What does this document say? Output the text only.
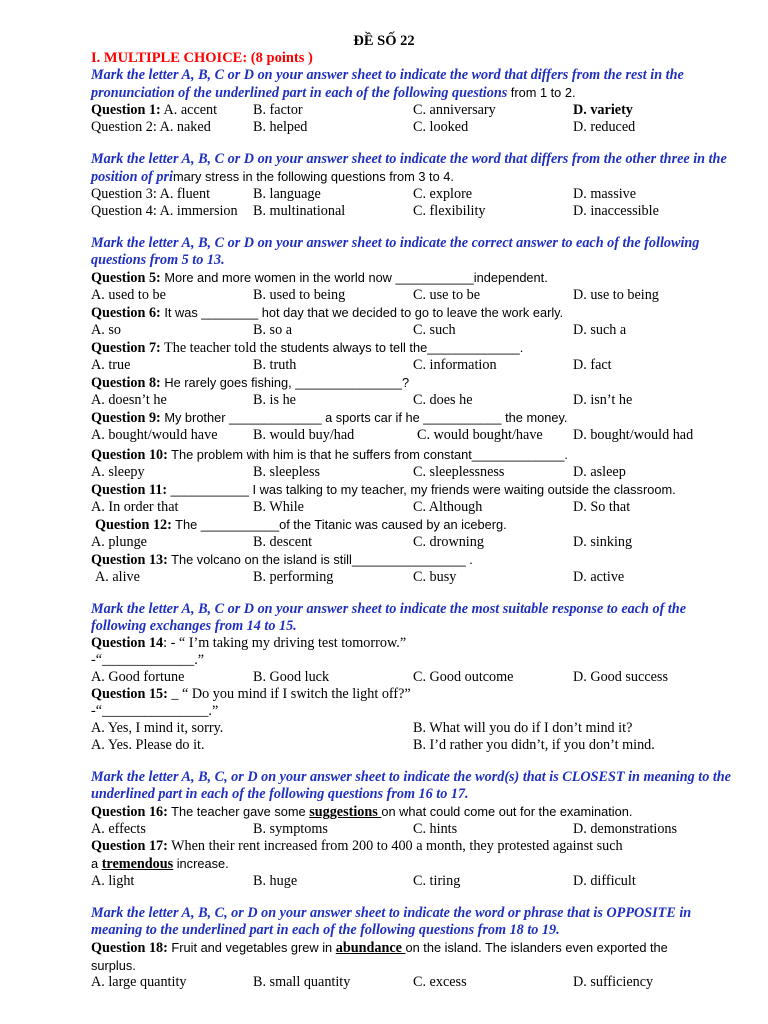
ĐỀ SỐ 22
I. MULTIPLE CHOICE: (8 points )
Mark the letter A, B, C or D on your answer sheet to indicate the word that differs from the rest in the pronunciation of the underlined part in each of the following questions from 1 to 2.
Question 1: A. accent	B. factor	C. anniversary	D. variety
Question 2: A. naked	B. helped	C. looked	D. reduced
Mark the letter A, B, C or D on your answer sheet to indicate the word that differs from the other three in the position of primary stress in the following questions from 3 to 4.
Question 3: A. fluent	B. language	C. explore	D. massive
Question 4: A. immersion B. multinational	C. flexibility	D. inaccessible
Mark the letter A, B, C or D on your answer sheet to indicate the correct answer to each of the following questions from 5 to 13.
Question 5: More and more women in the world now ___________independent.
A. used to be	B. used to being	C. use to be	D. use to being
Question 6: It was ________ hot day that we decided to go to leave the work early.
A. so	B. so a	C. such	D. such a
Question 7: The teacher told the students always to tell the_____________.
A. true	B. truth	C. information	D. fact
Question 8: He rarely goes fishing, _______________?
A. doesn’t he	B. is he	C. does he	D. isn’t he
Question 9: My brother _____________ a sports car if he ___________ the money.
A. bought/would have	B. would buy/had	C. would bought/have D. bought/would had
Question 10: The problem with him is that he suffers from constant_____________.
A. sleepy	B. sleepless	C. sleeplessness	D. asleep
Question 11: ___________ I was talking to my teacher, my friends were waiting outside the classroom.
A. In order that	B. While	C. Although	D. So that
Question 12: The ___________of the Titanic was caused by an iceberg.
A. plunge	B. descent	C. drowning	D. sinking
Question 13: The volcano on the island is still________________ .
A. alive	B. performing	C. busy	D. active
Mark the letter A, B, C or D on your answer sheet to indicate the most suitable response to each of the following exchanges from 14 to 15.
Question 14: - “ I’m taking my driving test tomorrow.”
-“_____________.”
A. Good fortune	B. Good luck	C. Good outcome	D. Good success
Question 15: _ “ Do you mind if I switch the light off?”
-“_______________.”
A. Yes, I mind it, sorry.	B. What will you do if I don’t mind it?
A. Yes. Please do it.	B. I’d rather you didn’t, if you don’t mind.
Mark the letter A, B, C, or D on your answer sheet to indicate the word(s) that is CLOSEST in meaning to the underlined part in each of the following questions from 16 to 17.
Question 16: The teacher gave some suggestions on what could come out for the examination.
A. effects	B. symptoms	C. hints	D. demonstrations
Question 17: When their rent increased from 200 to 400 a month, they protested against such
a tremendous increase.
A. light	B. huge	C. tiring	D. difficult
Mark the letter A, B, C, or D on your answer sheet to indicate the word or phrase that is OPPOSITE in meaning to the underlined part in each of the following questions from 18 to 19.
Question 18: Fruit and vegetables grew in abundance on the island. The islanders even exported the
surplus.
A. large quantity	B. small quantity	C. excess	D. sufficiency
